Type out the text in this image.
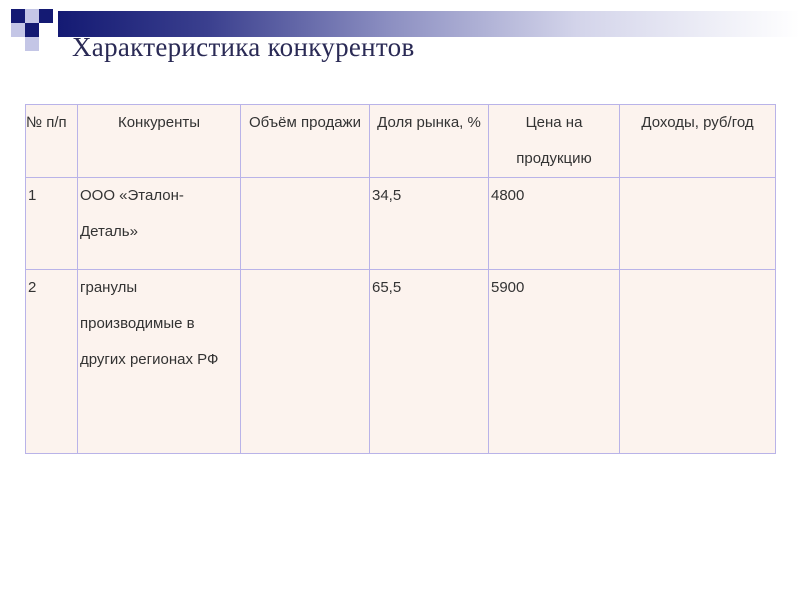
Характеристика конкурентов
№ п/п	Конкуренты	Объём продажи	Доля рынка, %	Цена на продукцию	Доходы, руб/год
1	ООО «Эталон-Деталь»		34,5	4800	
2	гранулы производимые в других регионах РФ		65,5	5900	
